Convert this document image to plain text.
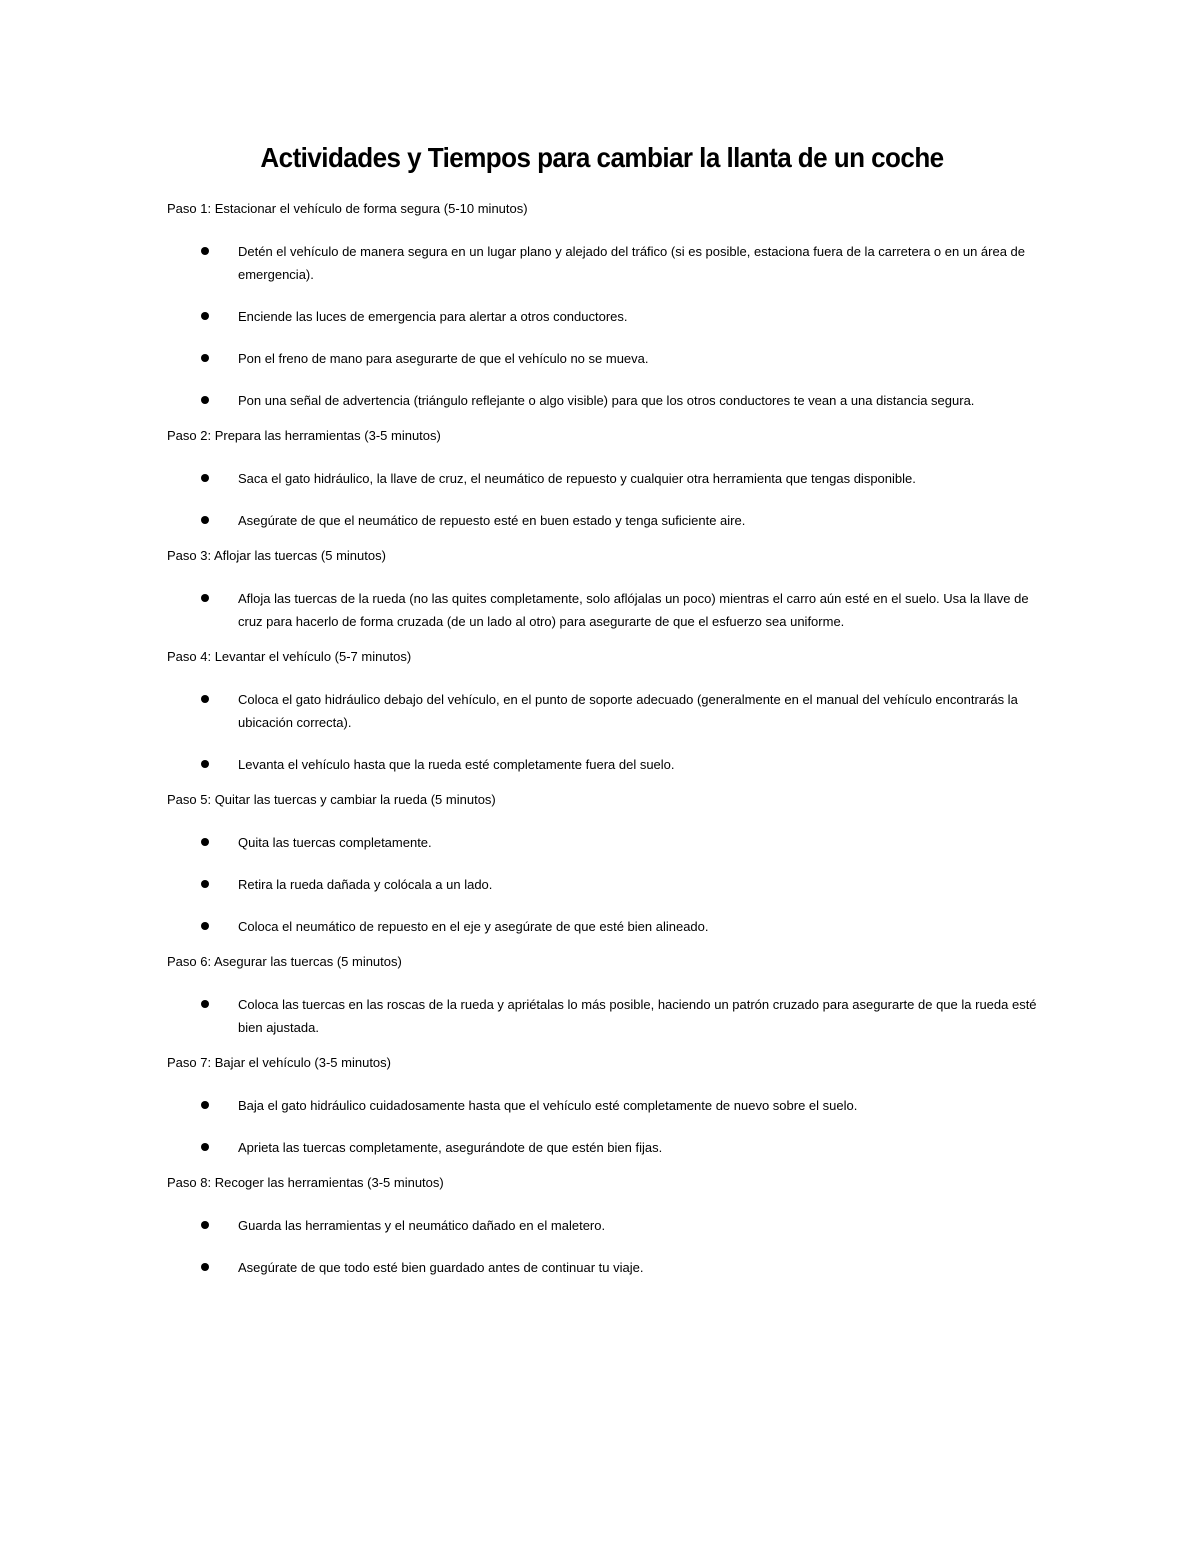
Actividades y Tiempos para cambiar la llanta de un coche
Paso 1: Estacionar el vehículo de forma segura (5-10 minutos)
Detén el vehículo de manera segura en un lugar plano y alejado del tráfico (si es posible, estaciona fuera de la carretera o en un área de emergencia).
Enciende las luces de emergencia para alertar a otros conductores.
Pon el freno de mano para asegurarte de que el vehículo no se mueva.
Pon una señal de advertencia (triángulo reflejante o algo visible) para que los otros conductores te vean a una distancia segura.
Paso 2: Prepara las herramientas (3-5 minutos)
Saca el gato hidráulico, la llave de cruz, el neumático de repuesto y cualquier otra herramienta que tengas disponible.
Asegúrate de que el neumático de repuesto esté en buen estado y tenga suficiente aire.
Paso 3: Aflojar las tuercas (5 minutos)
Afloja las tuercas de la rueda (no las quites completamente, solo aflójalas un poco) mientras el carro aún esté en el suelo. Usa la llave de cruz para hacerlo de forma cruzada (de un lado al otro) para asegurarte de que el esfuerzo sea uniforme.
Paso 4: Levantar el vehículo (5-7 minutos)
Coloca el gato hidráulico debajo del vehículo, en el punto de soporte adecuado (generalmente en el manual del vehículo encontrarás la ubicación correcta).
Levanta el vehículo hasta que la rueda esté completamente fuera del suelo.
Paso 5: Quitar las tuercas y cambiar la rueda (5 minutos)
Quita las tuercas completamente.
Retira la rueda dañada y colócala a un lado.
Coloca el neumático de repuesto en el eje y asegúrate de que esté bien alineado.
Paso 6: Asegurar las tuercas (5 minutos)
Coloca las tuercas en las roscas de la rueda y apriétalas lo más posible, haciendo un patrón cruzado para asegurarte de que la rueda esté bien ajustada.
Paso 7: Bajar el vehículo (3-5 minutos)
Baja el gato hidráulico cuidadosamente hasta que el vehículo esté completamente de nuevo sobre el suelo.
Aprieta las tuercas completamente, asegurándote de que estén bien fijas.
Paso 8: Recoger las herramientas (3-5 minutos)
Guarda las herramientas y el neumático dañado en el maletero.
Asegúrate de que todo esté bien guardado antes de continuar tu viaje.
